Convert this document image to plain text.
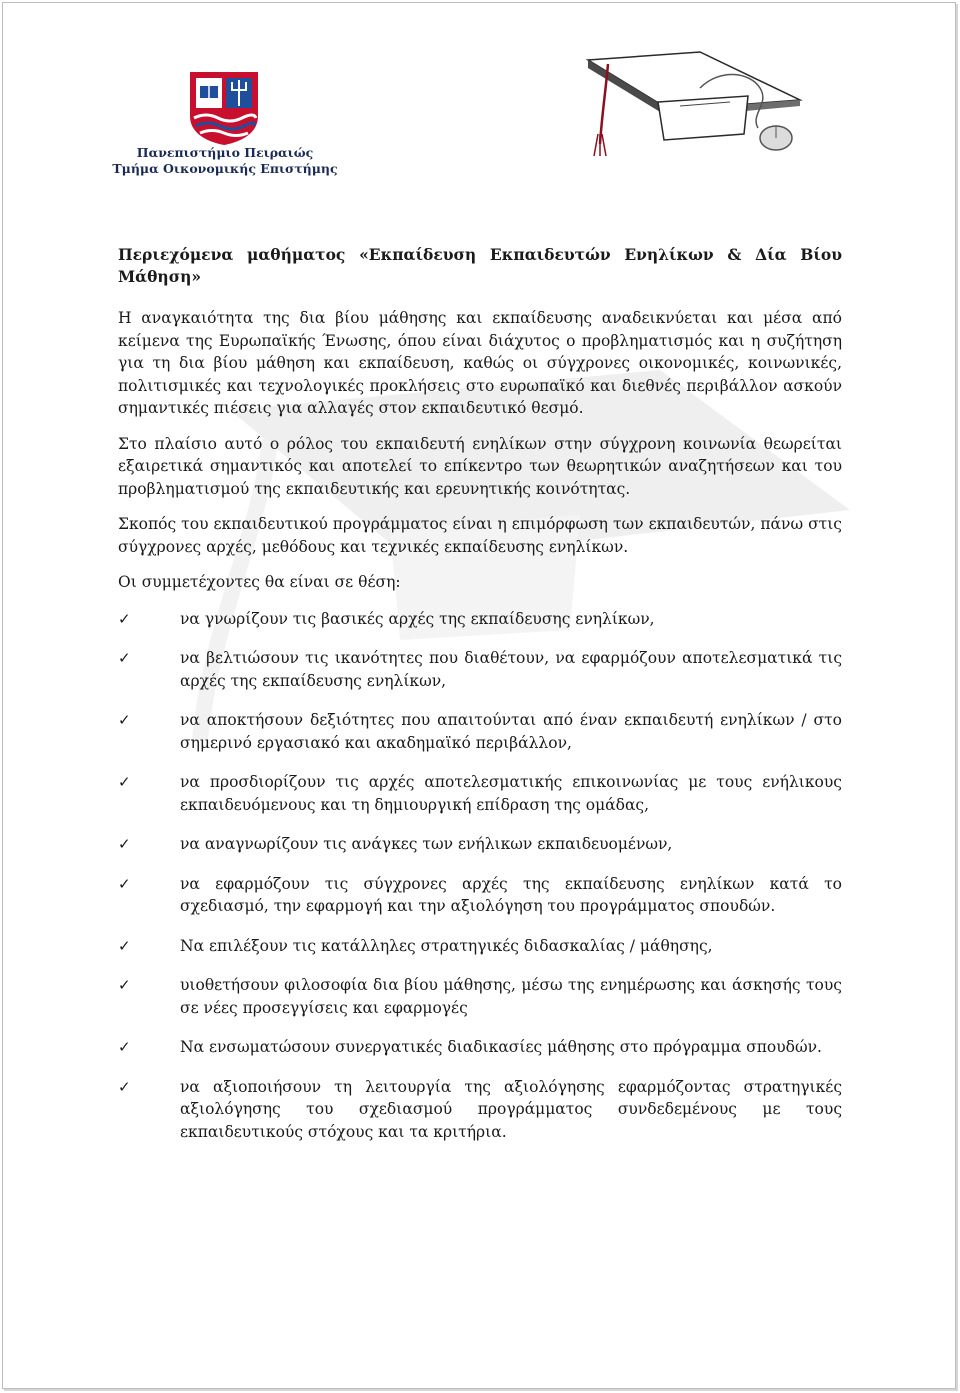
Πανεπιστήμιο Πειραιώς
Τμήμα Οικονομικής Επιστήμης
Περιεχόμενα μαθήματος «Εκπαίδευση Εκπαιδευτών Ενηλίκων & Δία Βίου Μάθηση»

Η αναγκαιότητα της δια βίου μάθησης και εκπαίδευσης αναδεικνύεται και μέσα από κείμενα της Ευρωπαϊκής Ένωσης, όπου είναι διάχυτος ο προβληματισμός και η συζήτηση για τη δια βίου μάθηση και εκπαίδευση, καθώς οι σύγχρονες οικονομικές, κοινωνικές, πολιτισμικές και τεχνολογικές προκλήσεις στο ευρωπαϊκό και διεθνές περιβάλλον ασκούν σημαντικές πιέσεις για αλλαγές στον εκπαιδευτικό θεσμό.

Στο πλαίσιο αυτό ο ρόλος του εκπαιδευτή ενηλίκων στην σύγχρονη κοινωνία θεωρείται εξαιρετικά σημαντικός και αποτελεί το επίκεντρο των θεωρητικών αναζητήσεων και του προβληματισμού της εκπαιδευτικής και ερευνητικής κοινότητας.

Σκοπός του εκπαιδευτικού προγράμματος είναι η επιμόρφωση των εκπαιδευτών, πάνω στις σύγχρονες αρχές, μεθόδους και τεχνικές εκπαίδευσης ενηλίκων.

Οι συμμετέχοντες θα είναι σε θέση:

✓	να γνωρίζουν τις βασικές αρχές της εκπαίδευσης ενηλίκων,
✓	να βελτιώσουν τις ικανότητες που διαθέτουν, να εφαρμόζουν αποτελεσματικά τις αρχές της εκπαίδευσης ενηλίκων,
✓	να αποκτήσουν δεξιότητες που απαιτούνται από έναν εκπαιδευτή ενηλίκων / στο σημερινό εργασιακό και ακαδημαϊκό περιβάλλον,
✓	να προσδιορίζουν τις αρχές αποτελεσματικής επικοινωνίας με τους ενήλικους εκπαιδευόμενους και τη δημιουργική επίδραση της ομάδας,
✓	να αναγνωρίζουν τις ανάγκες των ενήλικων εκπαιδευομένων,
✓	να εφαρμόζουν τις σύγχρονες αρχές της εκπαίδευσης ενηλίκων κατά το σχεδιασμό, την εφαρμογή και την αξιολόγηση του προγράμματος σπουδών.
✓	Να επιλέξουν τις κατάλληλες στρατηγικές διδασκαλίας / μάθησης,
✓	υιοθετήσουν φιλοσοφία δια βίου μάθησης, μέσω της ενημέρωσης και άσκησής τους σε νέες προσεγγίσεις και εφαρμογές
✓	Να ενσωματώσουν συνεργατικές διαδικασίες μάθησης στο πρόγραμμα σπουδών.
✓	να αξιοποιήσουν τη λειτουργία της αξιολόγησης εφαρμόζοντας στρατηγικές αξιολόγησης του σχεδιασμού προγράμματος συνδεδεμένους με τους εκπαιδευτικούς στόχους και τα κριτήρια.
